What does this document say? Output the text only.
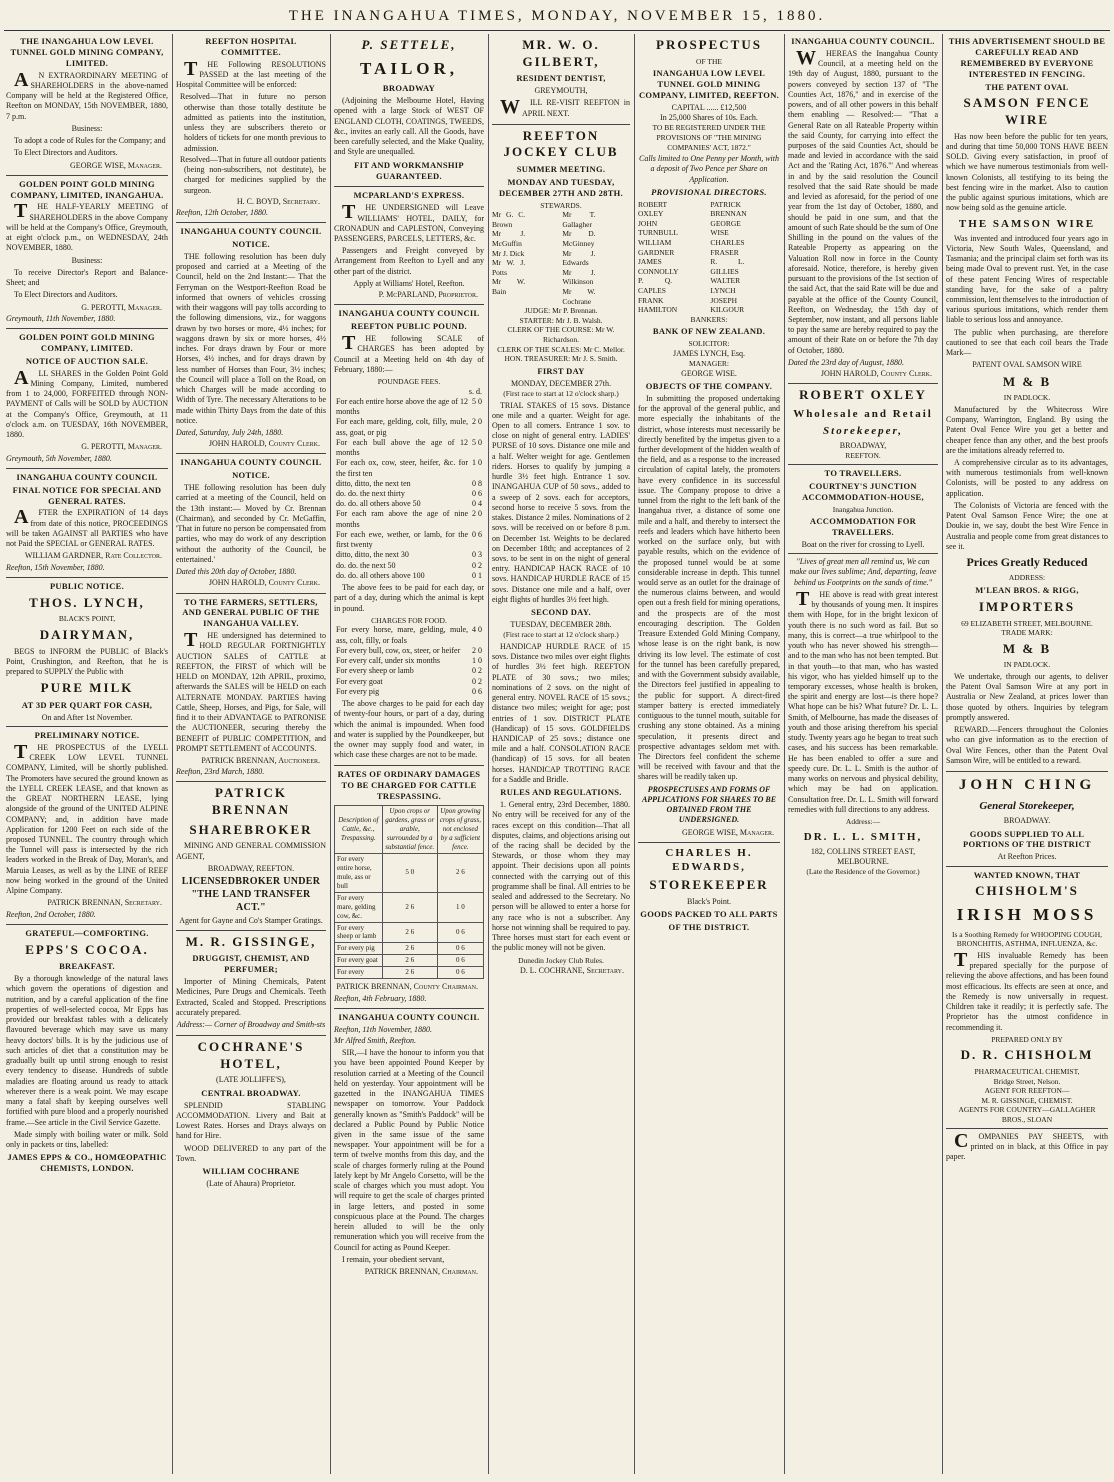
THE INANGAHUA TIMES, MONDAY, NOVEMBER 15, 1880.
THE INANGAHUA LOW LEVEL TUNNEL GOLD MINING COMPANY, LIMITED.
AN EXTRAORDINARY MEETING of SHAREHOLDERS in the above-named Company will be held at the Registered Office, Reefton on MONDAY, 15th NOVEMBER, 1880, 7 p.m.
Business:
To adopt a code of Rules for the Company; and
To Elect Directors and Auditors.
GEORGE WISE, Manager.
GOLDEN POINT GOLD MINING COMPANY, LIMITED, INANGAHUA.
THE HALF-YEARLY MEETING of SHAREHOLDERS in the above Company will be held at the Company's Office, Greymouth, at eight o'clock p.m., on WEDNESDAY, 24th NOVEMBER, 1880.
Business:
To receive Director's Report and Balance-Sheet; and
To Elect Directors and Auditors.
G. PEROTTI, Manager.
Greymouth, 11th November, 1880.
GOLDEN POINT GOLD MINING COMPANY, LIMITED.
NOTICE OF AUCTION SALE.
ALL SHARES in the Golden Point Gold Mining Company, Limited, numbered from 1 to 24,000, FORFEITED through NON-PAYMENT of Calls will be SOLD by AUCTION at the Company's Office, Greymouth, at 11 o'clock a.m. on TUESDAY, 16th NOVEMBER, 1880.
G. PEROTTI, Manager.
Greymouth, 5th November, 1880.
INANGAHUA COUNTY COUNCIL
FINAL NOTICE FOR SPECIAL AND GENERAL RATES.
AFTER the EXPIRATION of 14 days from date of this notice, PROCEEDINGS will be taken AGAINST all PARTIES who have not Paid the SPECIAL or GENERAL RATES.
WILLIAM GARDNER, Rate Collector.
Reefton, 15th November, 1880.
PUBLIC NOTICE.
THOS. LYNCH,
BLACK'S POINT,
DAIRYMAN,
BEGS to INFORM the PUBLIC of Black's Point, Crushington, and Reefton, that he is prepared to SUPPLY the Public with
PURE MILK
AT 3D PER QUART FOR CASH,
On and After 1st November.
PRELIMINARY NOTICE.
THE PROSPECTUS of the LYELL CREEK LOW LEVEL TUNNEL COMPANY, Limited, will be shortly published. The Promoters have secured the ground known as the LYELL CREEK LEASE, and that known as the GREAT NORTHERN LEASE, lying alongside of the ground of the UNITED ALPINE COMPANY; and, in addition have made Application for 1200 Feet on each side of the proposed TUNNEL. The country through which the Tunnel will pass is intersected by the rich leaders worked in the Break of Day, Moran's, and Maruia Leases, as well as by the LINE of REEF now being worked in the ground of the United Alpine Company.
PATRICK BRENNAN, Secretary.
Reefton, 2nd October, 1880.
GRATEFUL—COMFORTING.
EPPS'S COCOA.
BREAKFAST.
By a thorough knowledge of the natural laws which govern the operations of digestion and nutrition, and by a careful application of the fine properties of well-selected cocoa, Mr Epps has provided our breakfast tables with a delicately flavoured beverage which may save us many heavy doctors' bills. It is by the judicious use of such articles of diet that a constitution may be gradually built up until strong enough to resist every tendency to disease. Hundreds of subtle maladies are floating around us ready to attack wherever there is a weak point. We may escape many a fatal shaft by keeping ourselves well fortified with pure blood and a properly nourished frame.—See article in the Civil Service Gazette.
Made simply with boiling water or milk. Sold only in packets or tins, labelled:
JAMES EPPS & CO., HOMŒOPATHIC CHEMISTS, LONDON.
REEFTON HOSPITAL COMMITTEE.
THE Following RESOLUTIONS PASSED at the last meeting of the Hospital Committee will be enforced:
Resolved—That in future no person otherwise than those totally destitute be admitted as patients into the institution, unless they are subscribers thereto or holders of tickets for one month previous to admission.
Resolved—That in future all outdoor patients (being non-subscribers, not destitute), be charged for medicines supplied by the surgeon.
H. C. BOYD, Secretary.
Reefton, 12th October, 1880.
INANGAHUA COUNTY COUNCIL
NOTICE.
THE following resolution has been duly proposed and carried at a Meeting of the Council, held on the 2nd Instant:— That the Ferryman on the Westport-Reefton Road be informed that owners of vehicles crossing with their waggons will pay tolls according to the following dimensions, viz., for waggons drawn by two horses or more, 4½ inches; for waggons drawn by six or more horses, 4½ inches. For drays drawn by Four or more Horses, 4½ inches, and for drays drawn by less number of Horses than Four, 3½ inches; the Council will place a Toll on the Road, on which Charges will be made according to Width of Tyre. The necessary Alterations to be made within Thirty Days from the date of this notice.
Dated, Saturday, July 24th, 1880.
JOHN HAROLD, County Clerk.
INANGAHUA COUNTY COUNCIL
NOTICE.
THE following resolution has been duly carried at a meeting of the Council, held on the 13th instant:— Moved by Cr. Brennan (Chairman), and seconded by Cr. McGaffin, 'That in future no person be compensated from parties, who may do work of any description without the authority of the Council, be entertained.'
Dated this 20th day of October, 1880.
JOHN HAROLD, County Clerk.
TO THE FARMERS, SETTLERS, AND GENERAL PUBLIC OF THE INANGAHUA VALLEY.
THE undersigned has determined to HOLD REGULAR FORTNIGHTLY AUCTION SALES of CATTLE at REEFTON, the FIRST of which will be HELD on MONDAY, 12th APRIL, proximo, afterwards the SALES will be HELD on each ALTERNATE MONDAY. PARTIES having Cattle, Sheep, Horses, and Pigs, for Sale, will find it to their ADVANTAGE to PATRONISE the AUCTIONEER, securing thereby the BENEFIT of PUBLIC COMPETITION, and PROMPT SETTLEMENT of ACCOUNTS.
PATRICK BRENNAN, Auctioneer.
Reefton, 23rd March, 1880.
PATRICK BRENNAN
SHAREBROKER
MINING AND GENERAL COMMISSION AGENT,
BROADWAY, REEFTON.
LICENSEDBROKER UNDER "THE LAND TRANSFER ACT."
Agent for Gayne and Co's Stamper Gratings.
M. R. GISSINGE,
DRUGGIST, CHEMIST, AND PERFUMER;
Importer of Mining Chemicals, Patent Medicines, Pure Drugs and Chemicals. Teeth Extracted, Scaled and Stopped. Prescriptions accurately prepared.
Address:— Corner of Broadway and Smith-sts
COCHRANE'S HOTEL,
(LATE JOLLIFFE'S),
CENTRAL BROADWAY.
SPLENDID STABLING ACCOMMODATION. Livery and Bait at Lowest Rates. Horses and Drays always on hand for Hire.
WOOD DELIVERED to any part of the Town.
WILLIAM COCHRANE
(Late of Ahaura) Proprietor.
P. SETTELE,
TAILOR,
BROADWAY
(Adjoining the Melbourne Hotel, Having opened with a large Stock of WEST OF ENGLAND CLOTH, COATINGS, TWEEDS, &c., invites an early call. All the Goods, have been carefully selected, and the Make Quality, and Style are unequalled.
FIT AND WORKMANSHIP GUARANTEED.
MCPARLAND'S EXPRESS.
THE UNDERSIGNED will Leave WILLIAMS' HOTEL, DAILY, for CRONADUN and CAPLESTON, Conveying PASSENGERS, PARCELS, LETTERS, &c.
Passengers and Freight conveyed by Arrangement from Reefton to Lyell and any other part of the district.
Apply at Williams' Hotel, Reefton.
P. McPARLAND, Proprietor.
INANGAHUA COUNTY COUNCIL
REEFTON PUBLIC POUND.
THE following SCALE of CHARGES has been adopted by Council at a Meeting held on 4th day of February, 1880:—
POUNDAGE FEES.
s. d.
For each entire horse above the age of 12 months
5 0
For each mare, gelding, colt, filly, mule, ass, goat, or pig
2 0
For each bull above the age of 12 months
5 0
For each ox, cow, steer, heifer, &c. for the first ten
1 0
ditto, ditto, the next ten	0 8
do. do. the next thirty	0 6
do. do. all others above 50	0 4
For each ram above the age of nine months
2 0
For each ewe, wether, or lamb, for the first twenty
0 6
ditto, ditto, the next 30	0 3
do. do. the next 50	0 2
do. do. all others above 100	0 1
The above fees to be paid for each day, or part of a day, during which the animal is kept in pound.
CHARGES FOR FOOD.
For every horse, mare, gelding, mule, ass, colt, filly, or foals
4 0
For every bull, cow, ox, steer, or heifer	2 0
For every calf, under six months	1 0
For every sheep or lamb	0 2
For every goat	0 2
For every pig	0 6
The above charges to be paid for each day of twenty-four hours, or part of a day, during which the animal is impounded. When food and water is supplied by the Poundkeeper, but the owner may supply food and water, in which case these charges are not to be made.
RATES OF ORDINARY DAMAGES TO BE CHARGED FOR CATTLE TRESPASSING.
Description of Cattle, &c., Trespassing.	Upon crops or gardens, grass or arable, surrounded by a substantial fence.	Upon growing crops of grass, not enclosed by a sufficient fence.
For every entire horse, mule, ass or bull	5 0	2 6
For every mare, gelding cow, &c.	2 6	1 0
For every sheep or lamb	2 6	0 6
For every pig	2 6	0 6
For every goat	2 6	0 6
For every	2 6	0 6
PATRICK BRENNAN, County Chairman.
Reefton, 4th February, 1880.
INANGAHUA COUNTY COUNCIL
Reefton, 11th November, 1880.
Mr Alfred Smith, Reefton.
SIR,—I have the honour to inform you that you have been appointed Pound Keeper by resolution carried at a Meeting of the Council held on yesterday. Your appointment will be gazetted in the INANGAHUA TIMES newspaper on tomorrow. Your Paddock generally known as "Smith's Paddock" will be declared a Public Pound by Public Notice given in the same issue of the same newspaper. Your appointment will be for a term of twelve months from this day, and the scale of charges formerly ruling at the Pound lately kept by Mr Angelo Corsetto, will be the scale of charges which you must adopt. You will require to get the scale of charges printed in large letters, and posted in some conspicuous place at the Pound. The charges herein alluded to will be the only remuneration which you will receive from the Council for acting as Pound Keeper.
I remain, your obedient servant,
PATRICK BRENNAN, Chairman.
MR. W. O. GILBERT,
RESIDENT DENTIST,
GREYMOUTH,
WILL RE-VISIT REEFTON in APRIL NEXT.
REEFTON JOCKEY CLUB
SUMMER MEETING.
MONDAY AND TUESDAY, DECEMBER 27TH AND 28TH.
STEWARDS.
Mr G. C. Brown
Mr J. McGuffin
Mr J. Dick
Mr W. J. Potts
Mr W. Bain
Mr T. Gallagher
Mr D. McGinney
Mr J. Edwards
Mr J. Wilkinson
Mr W. Cochrane
JUDGE: Mr P. Brennan.
STARTER: Mr J. B. Walsh.
CLERK OF THE COURSE: Mr W. Richardson.
CLERK OF THE SCALES: Mr C. Mellor.
HON. TREASURER: Mr J. S. Smith.
FIRST DAY
MONDAY, DECEMBER 27th.
(First race to start at 12 o'clock sharp.)
TRIAL STAKES of 15 sovs. Distance one mile and a quarter. Weight for age. Open to all comers. Entrance 1 sov. to close on night of general entry. LADIES' PURSE of 10 sovs. Distance one mile and a half. Welter weight for age. Gentlemen riders. Horses to qualify by jumping a hurdle 3½ feet high. Entrance 1 sov. INANGAHUA CUP of 50 sovs., added to a sweep of 2 sovs. each for acceptors, second horse to receive 5 sovs. from the stakes. Distance 2 miles. Nominations of 2 sovs. will be received on or before 8 p.m. on December 1st. Weights to be declared on December 18th; and acceptances of 2 sovs. to be sent in on the night of general entry. HANDICAP HACK RACE of 10 sovs. HANDICAP HURDLE RACE of 15 sovs. Distance one mile and a half, over eight flights of hurdles 3½ feet high.
SECOND DAY.
TUESDAY, DECEMBER 28th.
(First race to start at 12 o'clock sharp.)
HANDICAP HURDLE RACE of 15 sovs. Distance two miles over eight flights of hurdles 3½ feet high. REEFTON PLATE of 30 sovs.; two miles; nominations of 2 sovs. on the night of general entry. NOVEL RACE of 15 sovs.; distance two miles; weight for age; post entries of 1 sov. DISTRICT PLATE (Handicap) of 15 sovs. GOLDFIELDS HANDICAP of 25 sovs.; distance one mile and a half. CONSOLATION RACE (handicap) of 15 sovs. for all beaten horses. HANDICAP TROTTING RACE for a Saddle and Bridle.
RULES AND REGULATIONS.
1. General entry, 23rd December, 1880. No entry will be received for any of the races except on this condition—That all disputes, claims, and objections arising out of the racing shall be decided by the Stewards, or those whom they may appoint. Their decisions upon all points connected with the carrying out of this programme shall be final. All entries to be sealed and addressed to the Secretary. No person will be allowed to enter a horse for any race who is not a subscriber. Any horse not winning shall be required to pay. Three horses must start for each event or the public money will not be given.
Dunedin Jockey Club Rules.
D. L. COCHRANE, Secretary.
PROSPECTUS
OF THE
INANGAHUA LOW LEVEL TUNNEL GOLD MINING COMPANY, LIMITED, REEFTON.
CAPITAL ...... £12,500
In 25,000 Shares of 10s. Each.
TO BE REGISTERED UNDER THE PROVISIONS OF "THE MINING COMPANIES' ACT, 1872."
Calls limited to One Penny per Month, with a deposit of Two Pence per Share on Application.
PROVISIONAL DIRECTORS.
ROBERT OXLEY
JOHN TURNBULL
WILLIAM GARDNER
JAMES CONNOLLY
P. Q. CAPLES
FRANK HAMILTON
PATRICK BRENNAN
GEORGE WISE
CHARLES FRASER
R. L. GILLIES
WALTER LYNCH
JOSEPH KILGOUR
BANKERS:
BANK OF NEW ZEALAND.
SOLICITOR:
JAMES LYNCH, Esq.
MANAGER:
GEORGE WISE.
OBJECTS OF THE COMPANY.
In submitting the proposed undertaking for the approval of the general public, and more especially the inhabitants of the district, whose interests must necessarily be directly benefited by the impetus given to a further development of the hidden wealth of the field, and as a response to the increased circulation of capital lately, the promoters have every confidence in its successful issue. The Company propose to drive a tunnel from the right to the left bank of the Inangahua river, a distance of some one mile and a half, and thereby to intersect the reefs and leaders which have hitherto been worked on the surface only, but with payable results, which on the evidence of the proposed tunnel would be at some considerable increase in depth. This tunnel would serve as an outlet for the drainage of the numerous claims between, and would open out a fresh field for mining operations, and the prospects are of the most encouraging description. The Golden Treasure Extended Gold Mining Company, whose lease is on the right bank, is now driving its low level. The estimate of cost for the tunnel has been carefully prepared, and with the Government subsidy available, the Directors feel justified in appealing to the public for support. A direct-fired stamper battery is erected immediately contiguous to the tunnel mouth, suitable for crushing any stone obtained. As a mining speculation, it presents direct and prospective advantages seldom met with. The Directors feel confident the scheme will be received with favour and that the shares will be readily taken up.
PROSPECTUSES AND FORMS OF APPLICATIONS FOR SHARES TO BE OBTAINED FROM THE UNDERSIGNED.
GEORGE WISE, Manager.
CHARLES H. EDWARDS,
STOREKEEPER
Black's Point.
GOODS PACKED TO ALL PARTS
OF THE DISTRICT.
INANGAHUA COUNTY COUNCIL.
WHEREAS the Inangahua County Council, at a meeting held on the 19th day of August, 1880, pursuant to the powers conveyed by section 137 of "The Counties Act, 1876," and in exercise of the powers, and of all other powers in this behalf them enabling — Resolved:— "That a General Rate on all Rateable Property within the said County, for carrying into effect the purposes of the said Counties Act, should be made and levied in accordance with the said Act and the 'Rating Act, 1876.'" And whereas in and by the said resolution the Council resolved that the said Rate should be made and levied as aforesaid, for the period of one year from the 1st day of October, 1880, and should be paid in one sum, and that the amount of such Rate should be the sum of One Shilling in the pound on the values of the Rateable Property as appearing on the Valuation Roll now in force in the County aforesaid. Notice, therefore, is hereby given pursuant to the provisions of the 1st section of the said Act, that the said Rate will be due and payable at the office of the County Council, Reefton, on Wednesday, the 15th day of September, now instant, and all persons liable to pay the same are hereby required to pay the amount of their Rate on or before the 7th day of October, 1880.
Dated the 23rd day of August, 1880.
JOHN HAROLD, County Clerk.
ROBERT OXLEY
Wholesale and Retail
Storekeeper,
BROADWAY,
REEFTON.
TO TRAVELLERS.
COURTNEY'S JUNCTION ACCOMMODATION-HOUSE,
Inangahua Junction.
ACCOMMODATION FOR TRAVELLERS.
Boat on the river for crossing to Lyell.
"Lives of great men all remind us, We can make our lives sublime; And, departing, leave behind us Footprints on the sands of time."
THE above is read with great interest by thousands of young men. It inspires them with Hope, for in the bright lexicon of youth there is no such word as fail. But so many, this is correct—a true whirlpool to the youth who has never showed his strength—and to the man who has not been tempted. But in that youth—to that man, who has wasted his vigor, who has yielded himself up to the temporary excesses, whose health is broken, the spirit and energy are lost—is there hope? What hope can be his? What future? Dr. L. L. Smith, of Melbourne, has made the diseases of youth and those arising therefrom his special study. Twenty years ago he began to treat such cases, and his success has been remarkable. He has been enabled to offer a sure and speedy cure. Dr. L. L. Smith is the author of many works on nervous and physical debility, which may be had on application. Consultation free. Dr. L. L. Smith will forward remedies with full directions to any address.
Address:—
DR. L. L. SMITH,
182, COLLINS STREET EAST, MELBOURNE.
(Late the Residence of the Governor.)
THIS ADVERTISEMENT SHOULD BE CAREFULLY READ AND REMEMBERED BY EVERYONE INTERESTED IN FENCING.
THE PATENT OVAL
SAMSON FENCE WIRE
Has now been before the public for ten years, and during that time 50,000 TONS HAVE BEEN SOLD. Giving every satisfaction, in proof of which we have numerous testimonials from well-known Colonists, all testifying to its being the best fencing wire in the market. Also to caution the public against spurious imitations, which are now being sold as the genuine article.
THE SAMSON WIRE
Was invented and introduced four years ago in Victoria, New South Wales, Queensland, and Tasmania; and the principal claim set forth was its being made Oval to prevent rust. Yet, in the case of these patent Fencing Wires of respectable standing have, for the sake of a paltry commission, lent themselves to the introduction of various spurious imitations, which render them liable to serious loss and annoyance.
The public when purchasing, are therefore cautioned to see that each coil bears the Trade Mark—
PATENT OVAL SAMSON WIRE
M & B
IN PADLOCK.
Manufactured by the Whitecross Wire Company, Warrington, England. By using the Patent Oval Fence Wire you get a better and cheaper fence than any other, and the best proofs are the imitations already referred to.
A comprehensive circular as to its advantages, with numerous testimonials from well-known Colonists, will be posted to any address on application.
The Colonists of Victoria are fenced with the Patent Oval Samson Fence Wire; the one at Doukie in, we say, doubt the best Wire Fence in Australia and people come from great distances to see it.
Prices Greatly Reduced
ADDRESS:
M'LEAN BROS. & RIGG,
IMPORTERS
69 ELIZABETH STREET, MELBOURNE.
TRADE MARK:
M & B
IN PADLOCK.
We undertake, through our agents, to deliver the Patent Oval Samson Wire at any port in Australia or New Zealand, at prices lower than those quoted by others. Inquiries by telegram promptly answered.
REWARD.—Fencers throughout the Colonies who can give information as to the erection of Oval Wire Fences, other than the Patent Oval Samson Wire, will be entitled to a reward.
JOHN CHING
General Storekeeper,
BROADWAY.
GOODS SUPPLIED TO ALL PORTIONS OF THE DISTRICT
At Reefton Prices.
WANTED KNOWN, THAT
CHISHOLM'S
IRISH MOSS
Is a Soothing Remedy for WHOOPING COUGH, BRONCHITIS, ASTHMA, INFLUENZA, &c.
THIS invaluable Remedy has been prepared specially for the purpose of relieving the above affections, and has been found most efficacious. Its effects are seen at once, and the Remedy is now universally in request. Children take it readily; it is perfectly safe. The Proprietor has the utmost confidence in recommending it.
PREPARED ONLY BY
D. R. CHISHOLM
PHARMACEUTICAL CHEMIST,
Bridge Street, Nelson.
AGENT FOR REEFTON—
M. R. GISSINGE, CHEMIST.
AGENTS FOR COUNTRY—GALLAGHER BROS., SLOAN
COMPANIES PAY SHEETS, with printed on in black, at this Office in pay paper.
